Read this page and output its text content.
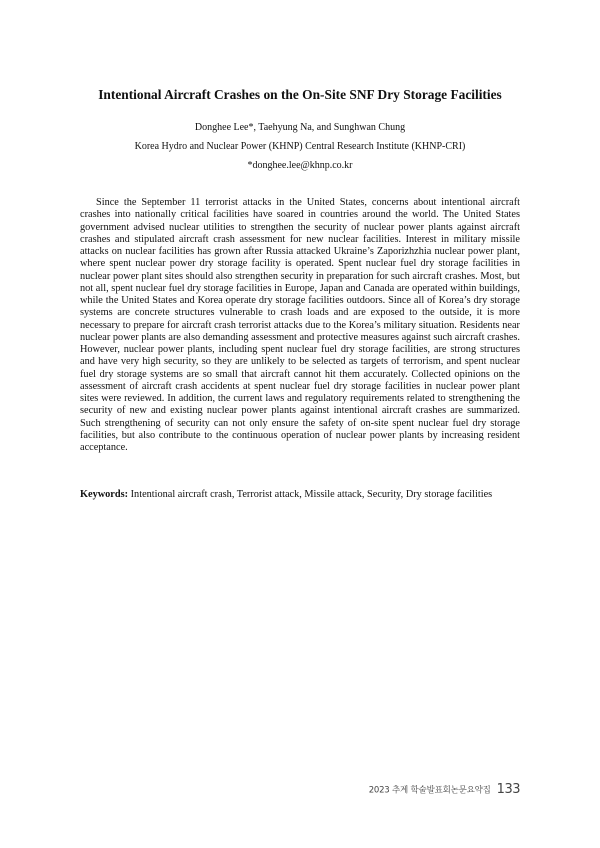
Intentional Aircraft Crashes on the On-Site SNF Dry Storage Facilities
Donghee Lee*, Taehyung Na, and Sunghwan Chung
Korea Hydro and Nuclear Power (KHNP) Central Research Institute (KHNP-CRI)
*donghee.lee@khnp.co.kr

Since the September 11 terrorist attacks in the United States, concerns about intentional aircraft crashes into nationally critical facilities have soared in countries around the world. The United States government advised nuclear utilities to strengthen the security of nuclear power plants against aircraft crashes and stipulated aircraft crash assessment for new nuclear facilities. Interest in military missile attacks on nuclear facilities has grown after Russia attacked Ukraine’s Zaporizhzhia nuclear power plant, where spent nuclear power dry storage facility is operated. Spent nuclear fuel dry storage facilities in nuclear power plant sites should also strengthen security in preparation for such aircraft crashes. Most, but not all, spent nuclear fuel dry storage facilities in Europe, Japan and Canada are operated within buildings, while the United States and Korea operate dry storage facilities outdoors. Since all of Korea’s dry storage systems are concrete structures vulnerable to crash loads and are exposed to the outside, it is more necessary to prepare for aircraft crash terrorist attacks due to the Korea’s military situation. Residents near nuclear power plants are also demanding assessment and protective measures against such aircraft crashes. However, nuclear power plants, including spent nuclear fuel dry storage facilities, are strong structures and have very high security, so they are unlikely to be selected as targets of terrorism, and spent nuclear fuel dry storage systems are so small that aircraft cannot hit them accurately. Collected opinions on the assessment of aircraft crash accidents at spent nuclear fuel dry storage facilities in nuclear power plant sites were reviewed. In addition, the current laws and regulatory requirements related to strengthening the security of new and existing nuclear power plants against intentional aircraft crashes are summarized. Such strengthening of security can not only ensure the safety of on-site spent nuclear fuel dry storage facilities, but also contribute to the continuous operation of nuclear power plants by increasing resident acceptance.

Keywords: Intentional aircraft crash, Terrorist attack, Missile attack, Security, Dry storage facilities
2023 추계 학술발표회논문요약집 133
